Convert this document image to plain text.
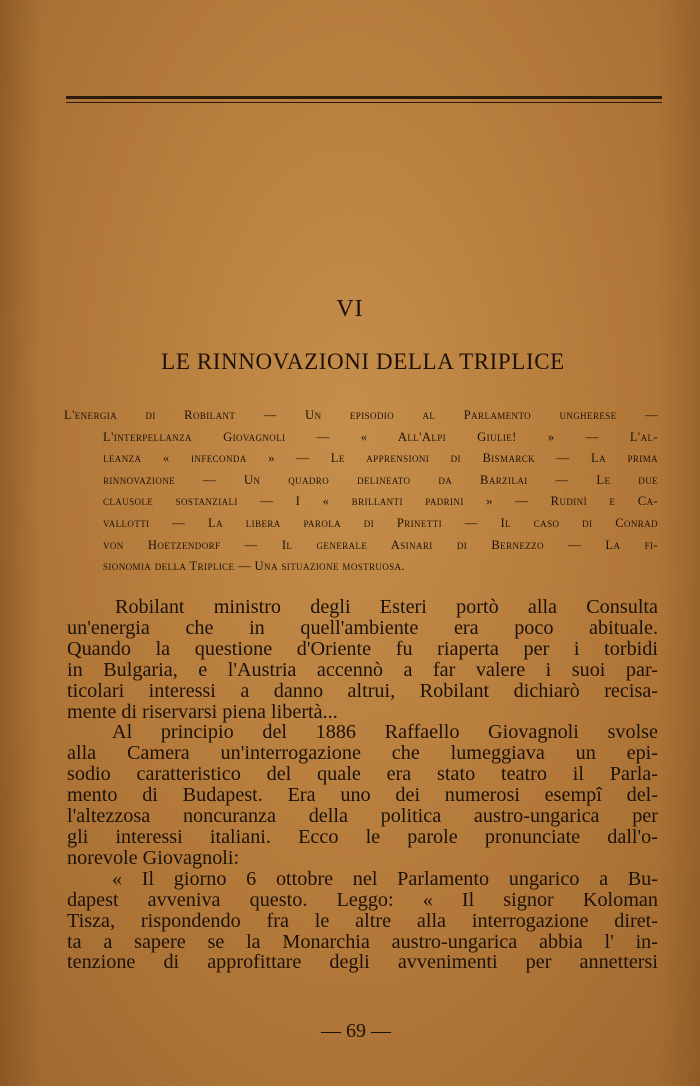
VI
LE RINNOVAZIONI DELLA TRIPLICE
L'energia di Robilant — Un episodio al Parlamento ungherese —
L'interpellanza Giovagnoli — « All'Alpi Giulie! » — L'al-
leanza « infeconda » — Le apprensioni di Bismarck — La prima
rinnovazione — Un quadro delineato da Barzilai — Le due
clausole sostanziali — I « brillanti padrini » — Rudinì e Ca-
vallotti — La libera parola di Prinetti — Il caso di Conrad
von Hoetzendorf — Il generale Asinari di Bernezzo — La fi-
sionomia della Triplice — Una situazione mostruosa.
Robilant ministro degli Esteri portò alla Consulta
un'energia che in quell'ambiente era poco abituale.
Quando la questione d'Oriente fu riaperta per i torbidi
in Bulgaria, e l'Austria accennò a far valere i suoi par-
ticolari interessi a danno altrui, Robilant dichiarò recisa-
mente di riservarsi piena libertà...
Al principio del 1886 Raffaello Giovagnoli svolse
alla Camera un'interrogazione che lumeggiava un epi-
sodio caratteristico del quale era stato teatro il Parla-
mento di Budapest. Era uno dei numerosi esempî del-
l'altezzosa noncuranza della politica austro-ungarica per
gli interessi italiani. Ecco le parole pronunciate dall'o-
norevole Giovagnoli:
« Il giorno 6 ottobre nel Parlamento ungarico a Bu-
dapest avveniva questo. Leggo: « Il signor Koloman
Tisza, rispondendo fra le altre alla interrogazione diret-
ta a sapere se la Monarchia austro-ungarica abbia l' in-
tenzione di approfittare degli avvenimenti per annettersi
— 69 —
